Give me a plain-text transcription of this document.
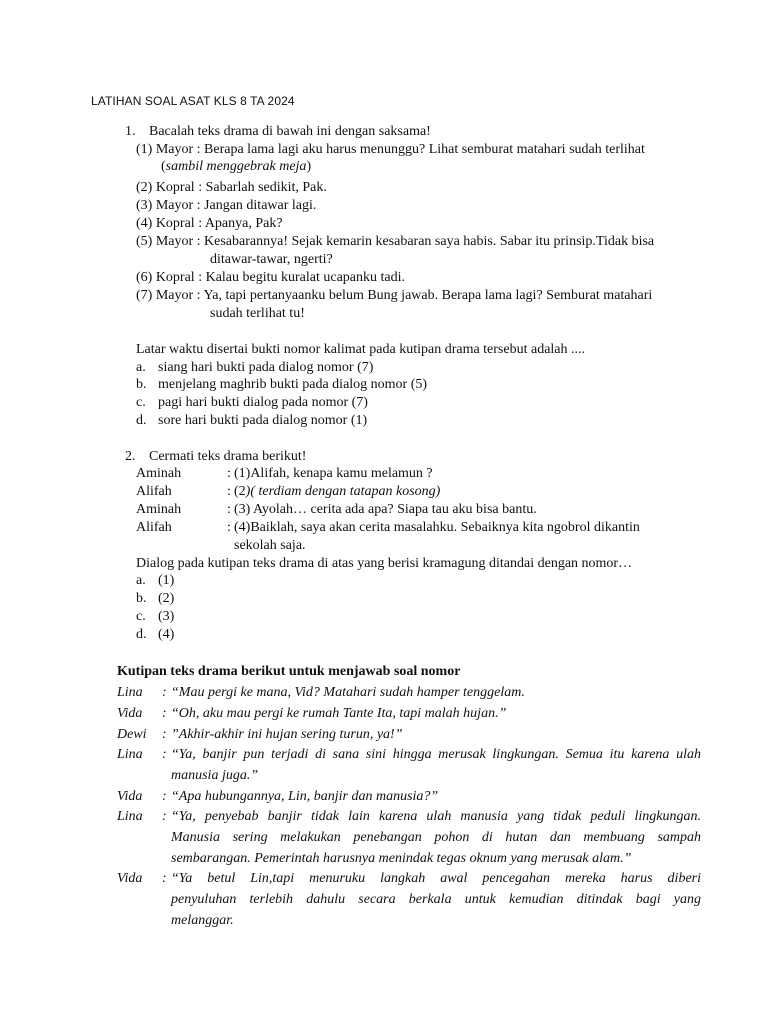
LATIHAN SOAL ASAT KLS 8 TA 2024
1. Bacalah teks drama di bawah ini dengan saksama!
(1) Mayor : Berapa lama lagi aku harus menunggu? Lihat semburat matahari sudah terlihat
(sambil menggebrak meja)
(2) Kopral : Sabarlah sedikit, Pak.
(3) Mayor : Jangan ditawar lagi.
(4) Kopral : Apanya, Pak?
(5) Mayor : Kesabarannya! Sejak kemarin kesabaran saya habis. Sabar itu prinsip.Tidak bisa
ditawar-tawar, ngerti?
(6) Kopral : Kalau begitu kuralat ucapanku tadi.
(7) Mayor : Ya, tapi pertanyaanku belum Bung jawab. Berapa lama lagi? Semburat matahari
sudah terlihat tu!
Latar waktu disertai bukti nomor kalimat pada kutipan drama tersebut adalah ....
a. siang hari bukti pada dialog nomor (7)
b. menjelang maghrib bukti pada dialog nomor (5)
c. pagi hari bukti dialog pada nomor (7)
d. sore hari bukti pada dialog nomor (1)
2. Cermati teks drama berikut!
Aminah	: (1)Alifah, kenapa kamu melamun ?
Alifah	: (2)( terdiam dengan tatapan kosong)
Aminah	: (3) Ayolah… cerita ada apa? Siapa tau aku bisa bantu.
Alifah	: (4)Baiklah, saya akan cerita masalahku. Sebaiknya kita ngobrol dikantin
sekolah saja.
Dialog pada kutipan teks drama di atas yang berisi kramagung ditandai dengan nomor…
a. (1)
b. (2)
c. (3)
d. (4)
Kutipan teks drama berikut untuk menjawab soal nomor
Lina : “Mau pergi ke mana, Vid? Matahari sudah hamper tenggelam.
Vida : “Oh, aku mau pergi ke rumah Tante Ita, tapi malah hujan.”
Dewi : ”Akhir-akhir ini hujan sering turun, ya!”
Lina : “Ya, banjir pun terjadi di sana sini hingga merusak lingkungan. Semua itu karena ulah
manusia juga.”
Vida : “Apa hubungannya, Lin, banjir dan manusia?”
Lina : “Ya, penyebab banjir tidak lain karena ulah manusia yang tidak peduli lingkungan.
Manusia sering melakukan penebangan pohon di hutan dan membuang sampah
sembarangan. Pemerintah harusnya menindak tegas oknum yang merusak alam.”
Vida : “Ya betul Lin,tapi menuruku langkah awal pencegahan mereka harus diberi
penyuluhan terlebih dahulu secara berkala untuk kemudian ditindak bagi yang
melanggar.
